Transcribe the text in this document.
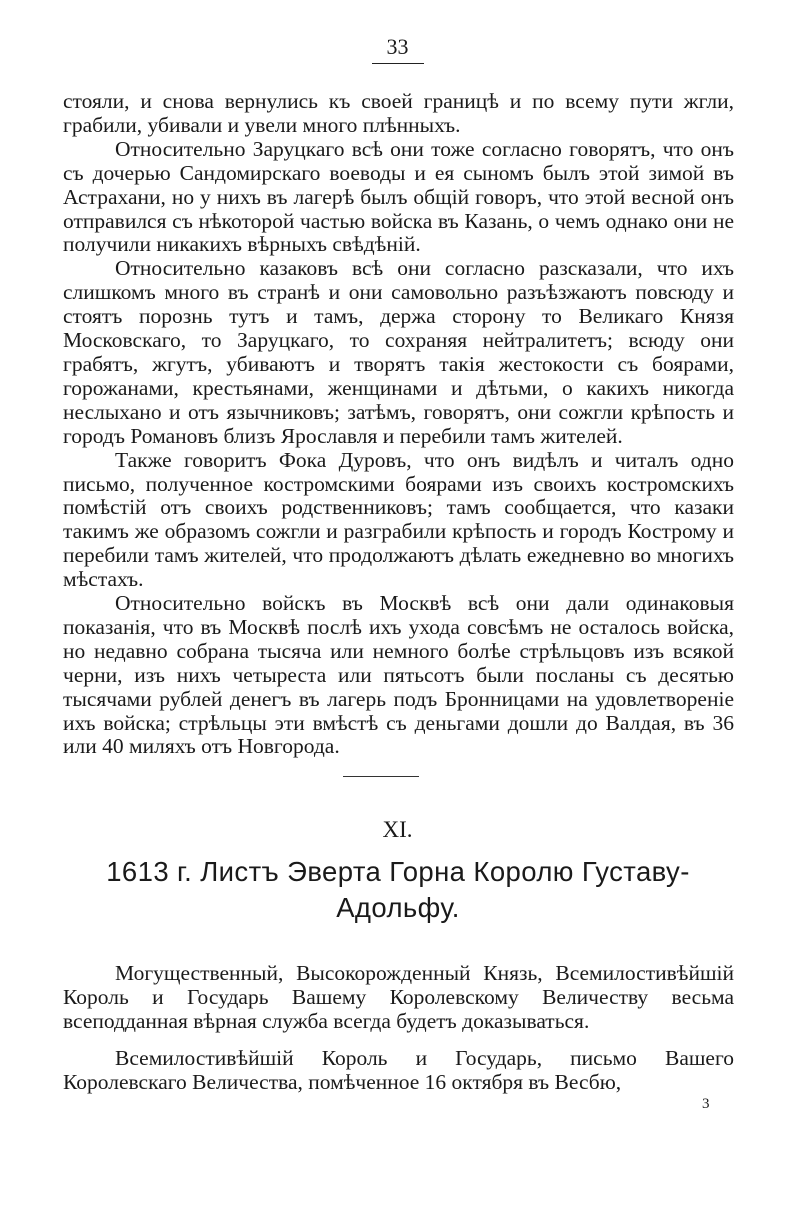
33

стояли, и снова вернулись къ своей границѣ и по всему пути жгли, грабили, убивали и увели много плѣнныхъ.

Относительно Заруцкаго всѣ они тоже согласно говорятъ, что онъ съ дочерью Сандомирскаго воеводы и ея сыномъ былъ этой зимой въ Астрахани, но у нихъ въ лагерѣ былъ общій говоръ, что этой весной онъ отправился съ нѣкоторой частью войска въ Казань, о чемъ однако они не получили никакихъ вѣрныхъ свѣдѣній.

Относительно казаковъ всѣ они согласно разсказали, что ихъ слишкомъ много въ странѣ и они самовольно разъѣзжаютъ повсюду и стоятъ порознь тутъ и тамъ, держа сторону то Великаго Князя Московскаго, то Заруцкаго, то сохраняя нейтралитетъ; всюду они грабятъ, жгутъ, убиваютъ и творятъ такія жестокости съ боярами, горожанами, крестьянами, женщинами и дѣтьми, о какихъ никогда неслыхано и отъ язычниковъ; затѣмъ, говорятъ, они сожгли крѣпость и городъ Романовъ близъ Ярославля и перебили тамъ жителей.

Также говоритъ Фока Дуровъ, что онъ видѣлъ и читалъ одно письмо, полученное костромскими боярами изъ своихъ костромскихъ помѣстій отъ своихъ родственниковъ; тамъ сообщается, что казаки такимъ же образомъ сожгли и разграбили крѣпость и городъ Кострому и перебили тамъ жителей, что продолжаютъ дѣлать ежедневно во многихъ мѣстахъ.

Относительно войскъ въ Москвѣ всѣ они дали одинаковыя показанія, что въ Москвѣ послѣ ихъ ухода совсѣмъ не осталось войска, но недавно собрана тысяча или немного болѣе стрѣльцовъ изъ всякой черни, изъ нихъ четыреста или пятьсотъ были посланы съ десятью тысячами рублей денегъ въ лагерь подъ Бронницами на удовлетвореніе ихъ войска; стрѣльцы эти вмѣстѣ съ деньгами дошли до Валдая, въ 36 или 40 миляхъ отъ Новгорода.

XI.
1613 г. Листъ Эверта Горна Королю Густаву-Адольфу.

Могущественный, Высокорожденный Князь, Всемилостивѣйшій Король и Государь Вашему Королевскому Величеству весьма всеподданная вѣрная служба всегда будетъ доказываться.

Всемилостивѣйшій Король и Государь, письмо Вашего Королевскаго Величества, помѣченное 16 октября въ Весбю,

3
